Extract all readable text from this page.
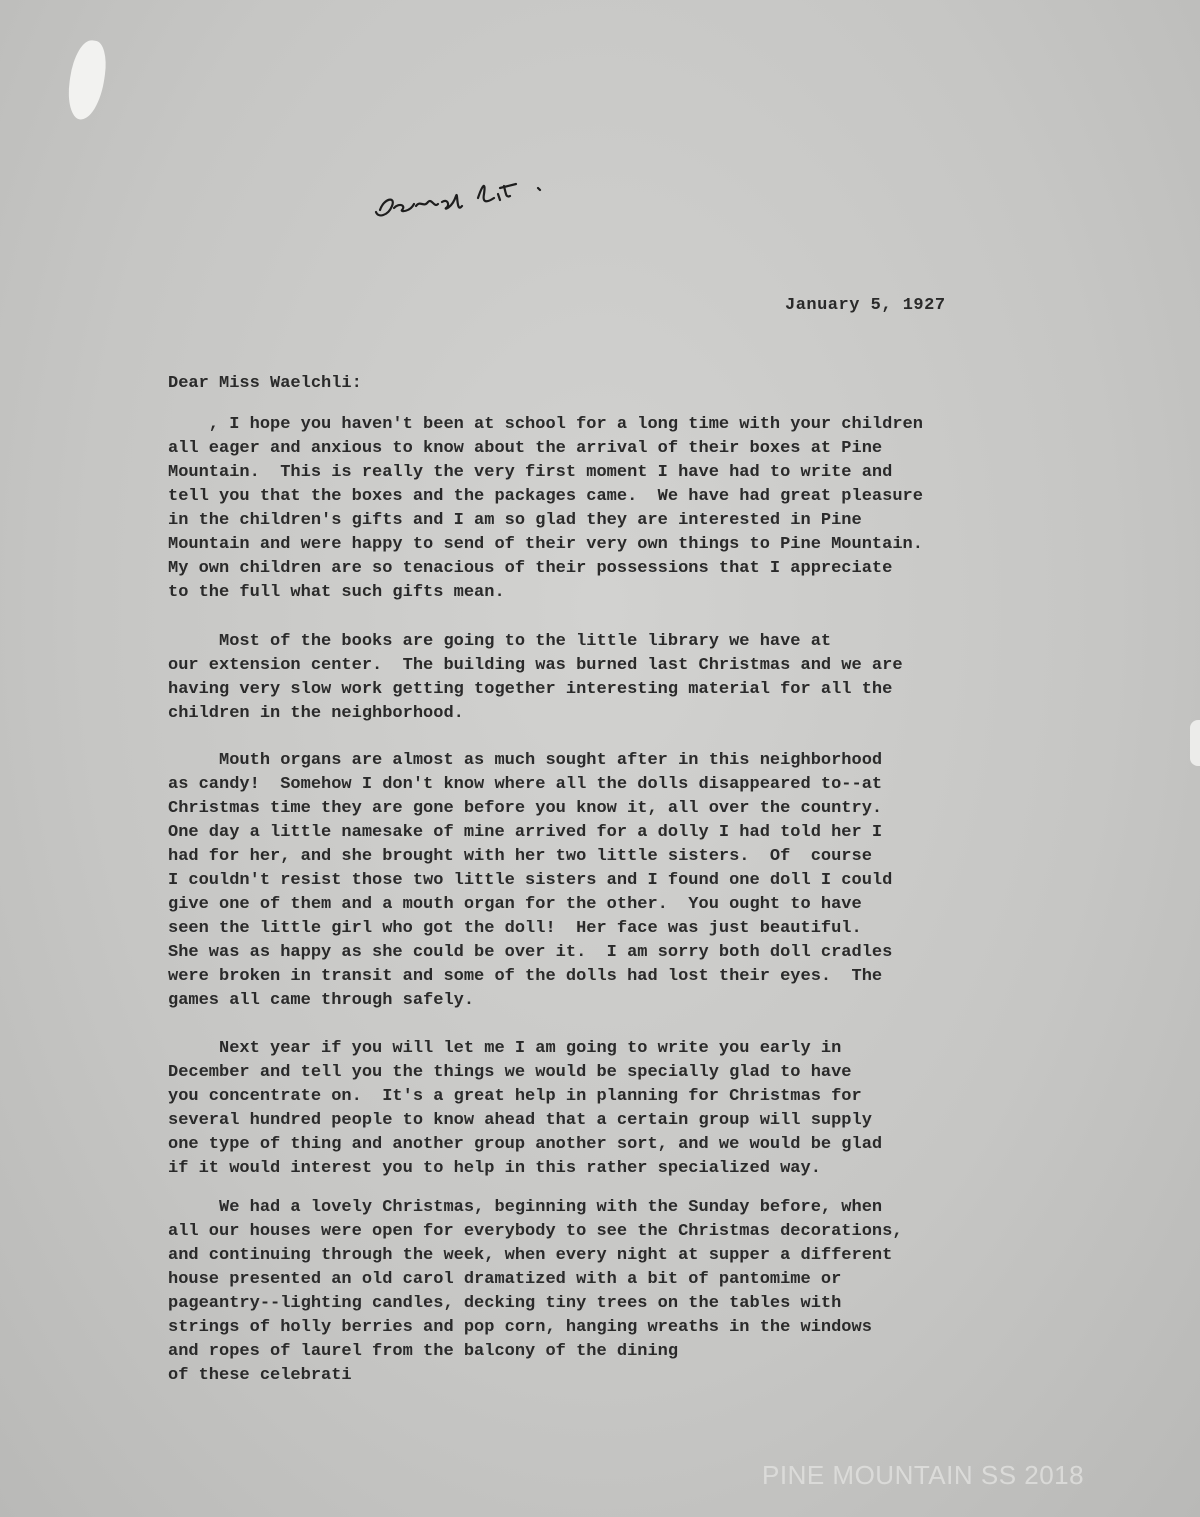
January 5, 1927
Dear Miss Waelchli:
, I hope you haven't been at school for a long time with your children
all eager and anxious to know about the arrival of their boxes at Pine
Mountain.  This is really the very first moment I have had to write and
tell you that the boxes and the packages came.  We have had great pleasure
in the children's gifts and I am so glad they are interested in Pine
Mountain and were happy to send of their very own things to Pine Mountain.
My own children are so tenacious of their possessions that I appreciate
to the full what such gifts mean.
Most of the books are going to the little library we have at
our extension center.  The building was burned last Christmas and we are
having very slow work getting together interesting material for all the
children in the neighborhood.
Mouth organs are almost as much sought after in this neighborhood
as candy!  Somehow I don't know where all the dolls disappeared to--at
Christmas time they are gone before you know it, all over the country.
One day a little namesake of mine arrived for a dolly I had told her I
had for her, and she brought with her two little sisters.  Of  course
I couldn't resist those two little sisters and I found one doll I could
give one of them and a mouth organ for the other.  You ought to have
seen the little girl who got the doll!  Her face was just beautiful.
She was as happy as she could be over it.  I am sorry both doll cradles
were broken in transit and some of the dolls had lost their eyes.  The
games all came through safely.
Next year if you will let me I am going to write you early in
December and tell you the things we would be specially glad to have
you concentrate on.  It's a great help in planning for Christmas for
several hundred people to know ahead that a certain group will supply
one type of thing and another group another sort, and we would be glad
if it would interest you to help in this rather specialized way.
We had a lovely Christmas, beginning with the Sunday before, when
all our houses were open for everybody to see the Christmas decorations,
and continuing through the week, when every night at supper a different
house presented an old carol dramatized with a bit of pantomime or
pageantry--lighting candles, decking tiny trees on the tables with
strings of holly berries and pop corn, hanging wreaths in the windows
and ropes of laurel from the balcony of the dining
of these celebrati
PINE MOUNTAIN SS 2018
